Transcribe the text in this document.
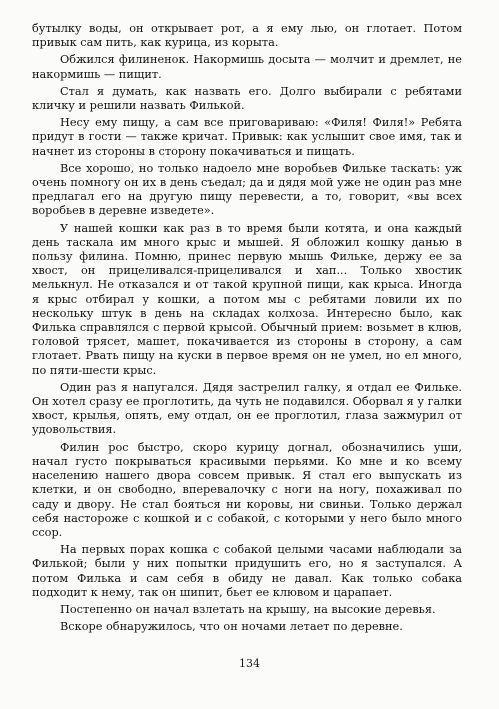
бутылку воды, он открывает рот, а я ему лью, он глотает. Потом привык сам пить, как курица, из корыта.

Обжился филиненок. Накормишь досыта — молчит и дремлет, не накормишь — пищит.

Стал я думать, как назвать его. Долго выбирали с ребятами кличку и решили назвать Филькой.

Несу ему пищу, а сам все приговариваю: «Филя! Филя!» Ребята придут в гости — также кричат. Привык: как услышит свое имя, так и начнет из стороны в сторону покачиваться и пищать.

Все хорошо, но только надоело мне воробьев Фильке таскать: уж очень помногу он их в день съедал; да и дядя мой уже не один раз мне предлагал его на другую пищу перевести, а то, говорит, «вы всех воробьев в деревне изведете».

У нашей кошки как раз в то время были котята, и она каждый день таскала им много крыс и мышей. Я обложил кошку данью в пользу филина. Помню, принес первую мышь Фильке, держу ее за хвост, он прицеливался-прицеливался и хап... Только хвостик мелькнул. Не отказался и от такой крупной пищи, как крыса. Иногда я крыс отбирал у кошки, а потом мы с ребятами ловили их по нескольку штук в день на складах колхоза. Интересно было, как Филька справлялся с первой крысой. Обычный прием: возьмет в клюв, головой трясет, машет, покачивается из стороны в сторону, а сам глотает. Рвать пищу на куски в первое время он не умел, но ел много, по пяти-шести крыс.

Один раз я напугался. Дядя застрелил галку, я отдал ее Фильке. Он хотел сразу ее проглотить, да чуть не подавился. Оборвал я у галки хвост, крылья, опять, ему отдал, он ее проглотил, глаза зажмурил от удовольствия.

Филин рос быстро, скоро курицу догнал, обозначились уши, начал густо покрываться красивыми перьями. Ко мне и ко всему населению нашего двора совсем привык. Я стал его выпускать из клетки, и он свободно, вперевалочку с ноги на ногу, похаживал по саду и двору. Не стал бояться ни коровы, ни свиньи. Только держал себя настороже с кошкой и с собакой, с которыми у него было много ссор.

На первых порах кошка с собакой целыми часами наблюдали за Филькой; были у них попытки придушить его, но я заступался. А потом Филька и сам себя в обиду не давал. Как только собака подходит к нему, так он шипит, бьет ее клювом и царапает.

Постепенно он начал взлетать на крышу, на высокие деревья.

Вскоре обнаружилось, что он ночами летает по деревне.

134
